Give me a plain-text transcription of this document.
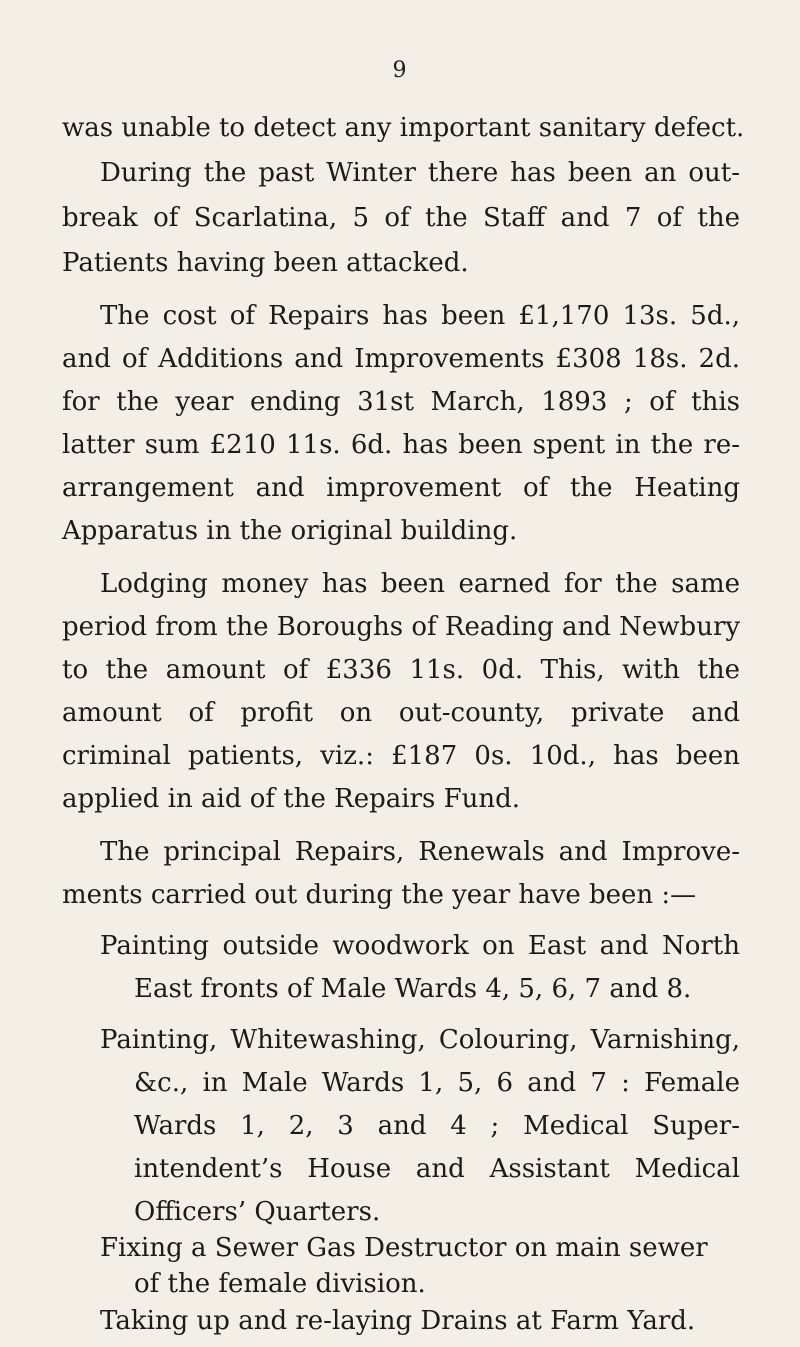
9
was unable to detect any important sanitary defect.
During the past Winter there has been an out-
break of Scarlatina, 5 of the Staff and 7 of the
Patients having been attacked.
The cost of Repairs has been £1,170 13s. 5d.,
and of Additions and Improvements £308 18s. 2d.
for the year ending 31st March, 1893 ; of this
latter sum £210 11s. 6d. has been spent in the re-
arrangement and improvement of the Heating
Apparatus in the original building.
Lodging money has been earned for the same
period from the Boroughs of Reading and Newbury
to the amount of £336 11s. 0d. This, with the
amount of profit on out-county, private and
criminal patients, viz.: £187 0s. 10d., has been
applied in aid of the Repairs Fund.
The principal Repairs, Renewals and Improve-
ments carried out during the year have been :—
Painting outside woodwork on East and North
East fronts of Male Wards 4, 5, 6, 7 and 8.
Painting, Whitewashing, Colouring, Varnishing,
&c., in Male Wards 1, 5, 6 and 7 : Female
Wards 1, 2, 3 and 4 ; Medical Super-
intendent’s House and Assistant Medical
Officers’ Quarters.
Fixing a Sewer Gas Destructor on main sewer
of the female division.
Taking up and re-laying Drains at Farm Yard.
